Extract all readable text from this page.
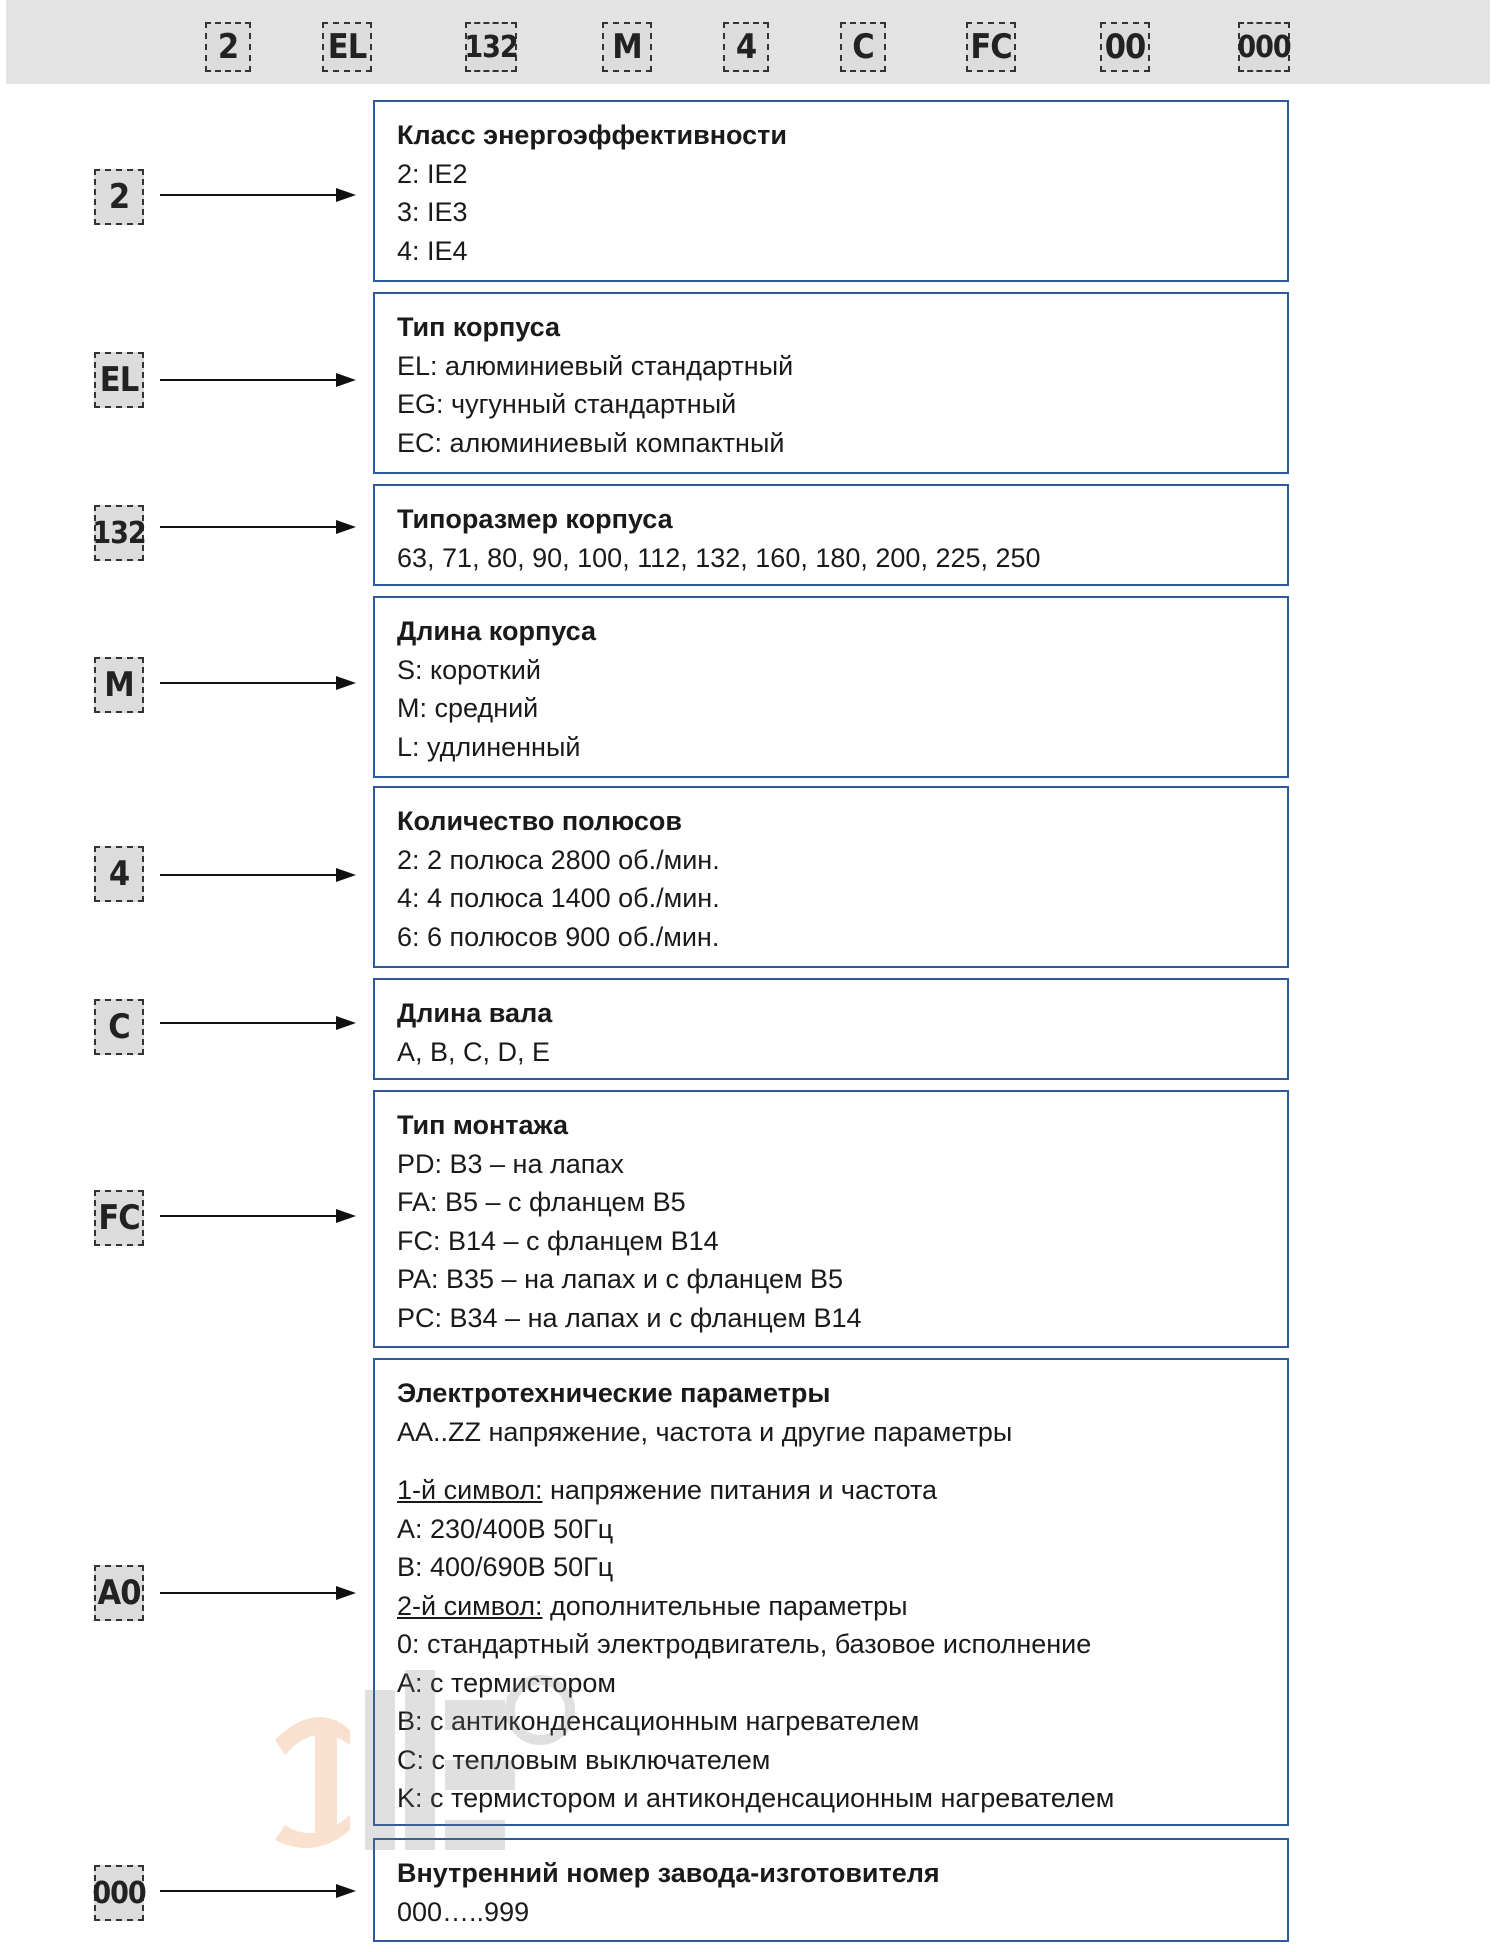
2	EL	132	M	4	C	FC	00	000
2
Класс энергоэффективности
2: IE2
3: IE3
4: IE4
EL
Тип корпуса
EL: алюминиевый стандартный
EG: чугунный стандартный
EC: алюминиевый компактный
132	Типоразмер корпуса
63, 71, 80, 90, 100, 112, 132, 160, 180, 200, 225, 250
M
Длина корпуса
S: короткий
M: средний
L: удлиненный
4
Количество полюсов
2: 2 полюса 2800 об./мин.
4: 4 полюса 1400 об./мин.
6: 6 полюсов 900 об./мин.
C	Длина вала
A, B, C, D, E
FC
Тип монтажа
PD: B3 – на лапах
FA: B5 – с фланцем B5
FC: B14 – с фланцем B14
PA: B35 – на лапах и с фланцем B5
PC: B34 – на лапах и с фланцем B14
A0
Электротехнические параметры
AA..ZZ напряжение, частота и другие параметры
1-й символ: напряжение питания и частота
A: 230/400В 50Гц
B: 400/690В 50Гц
2-й символ: дополнительные параметры
0: стандартный электродвигатель, базовое исполнение
A: с термистором
B: с антиконденсационным нагревателем
C: с тепловым выключателем
K: с термистором и антиконденсационным нагревателем
000
Внутренний номер завода-изготовителя
000…..999
